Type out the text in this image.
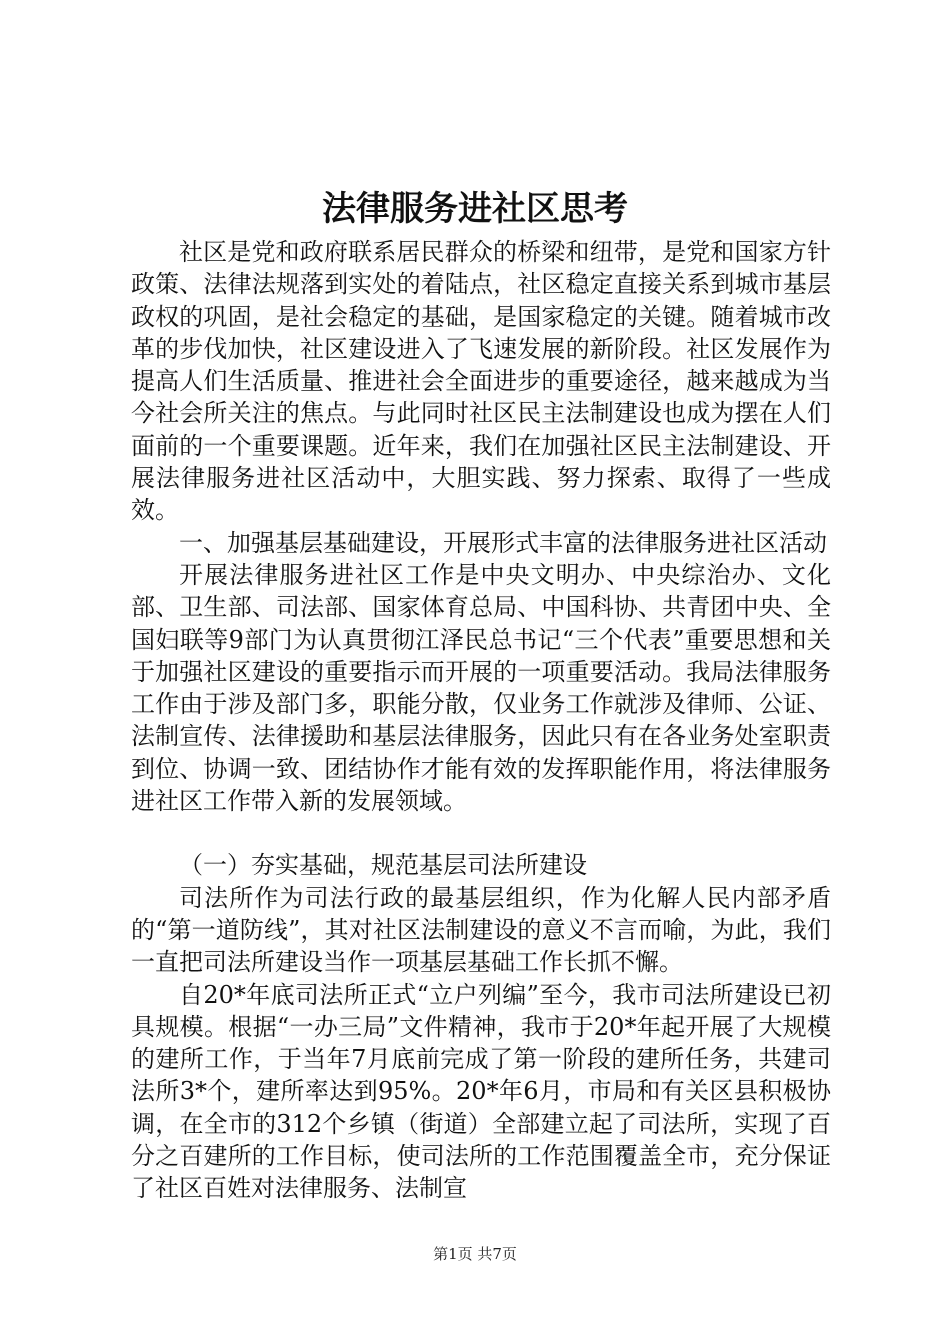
法律服务进社区思考

社区是党和政府联系居民群众的桥梁和纽带，是党和国家方针政策、法律法规落到实处的着陆点，社区稳定直接关系到城市基层政权的巩固，是社会稳定的基础，是国家稳定的关键。随着城市改革的步伐加快，社区建设进入了飞速发展的新阶段。社区发展作为提高人们生活质量、推进社会全面进步的重要途径，越来越成为当今社会所关注的焦点。与此同时社区民主法制建设也成为摆在人们面前的一个重要课题。近年来，我们在加强社区民主法制建设、开展法律服务进社区活动中，大胆实践、努力探索、取得了一些成效。

一、加强基层基础建设，开展形式丰富的法律服务进社区活动

开展法律服务进社区工作是中央文明办、中央综治办、文化部、卫生部、司法部、国家体育总局、中国科协、共青团中央、全国妇联等9部门为认真贯彻江泽民总书记“三个代表”重要思想和关于加强社区建设的重要指示而开展的一项重要活动。我局法律服务工作由于涉及部门多，职能分散，仅业务工作就涉及律师、公证、法制宣传、法律援助和基层法律服务，因此只有在各业务处室职责到位、协调一致、团结协作才能有效的发挥职能作用，将法律服务进社区工作带入新的发展领域。

（一）夯实基础，规范基层司法所建设

司法所作为司法行政的最基层组织，作为化解人民内部矛盾的“第一道防线”，其对社区法制建设的意义不言而喻，为此，我们一直把司法所建设当作一项基层基础工作长抓不懈。

自20*年底司法所正式“立户列编”至今，我市司法所建设已初具规模。根据“一办三局”文件精神，我市于20*年起开展了大规模的建所工作，于当年7月底前完成了第一阶段的建所任务，共建司法所3*个，建所率达到95%。20*年6月，市局和有关区县积极协调，在全市的312个乡镇（街道）全部建立起了司法所，实现了百分之百建所的工作目标，使司法所的工作范围覆盖全市，充分保证了社区百姓对法律服务、法制宣

第1页 共7页
